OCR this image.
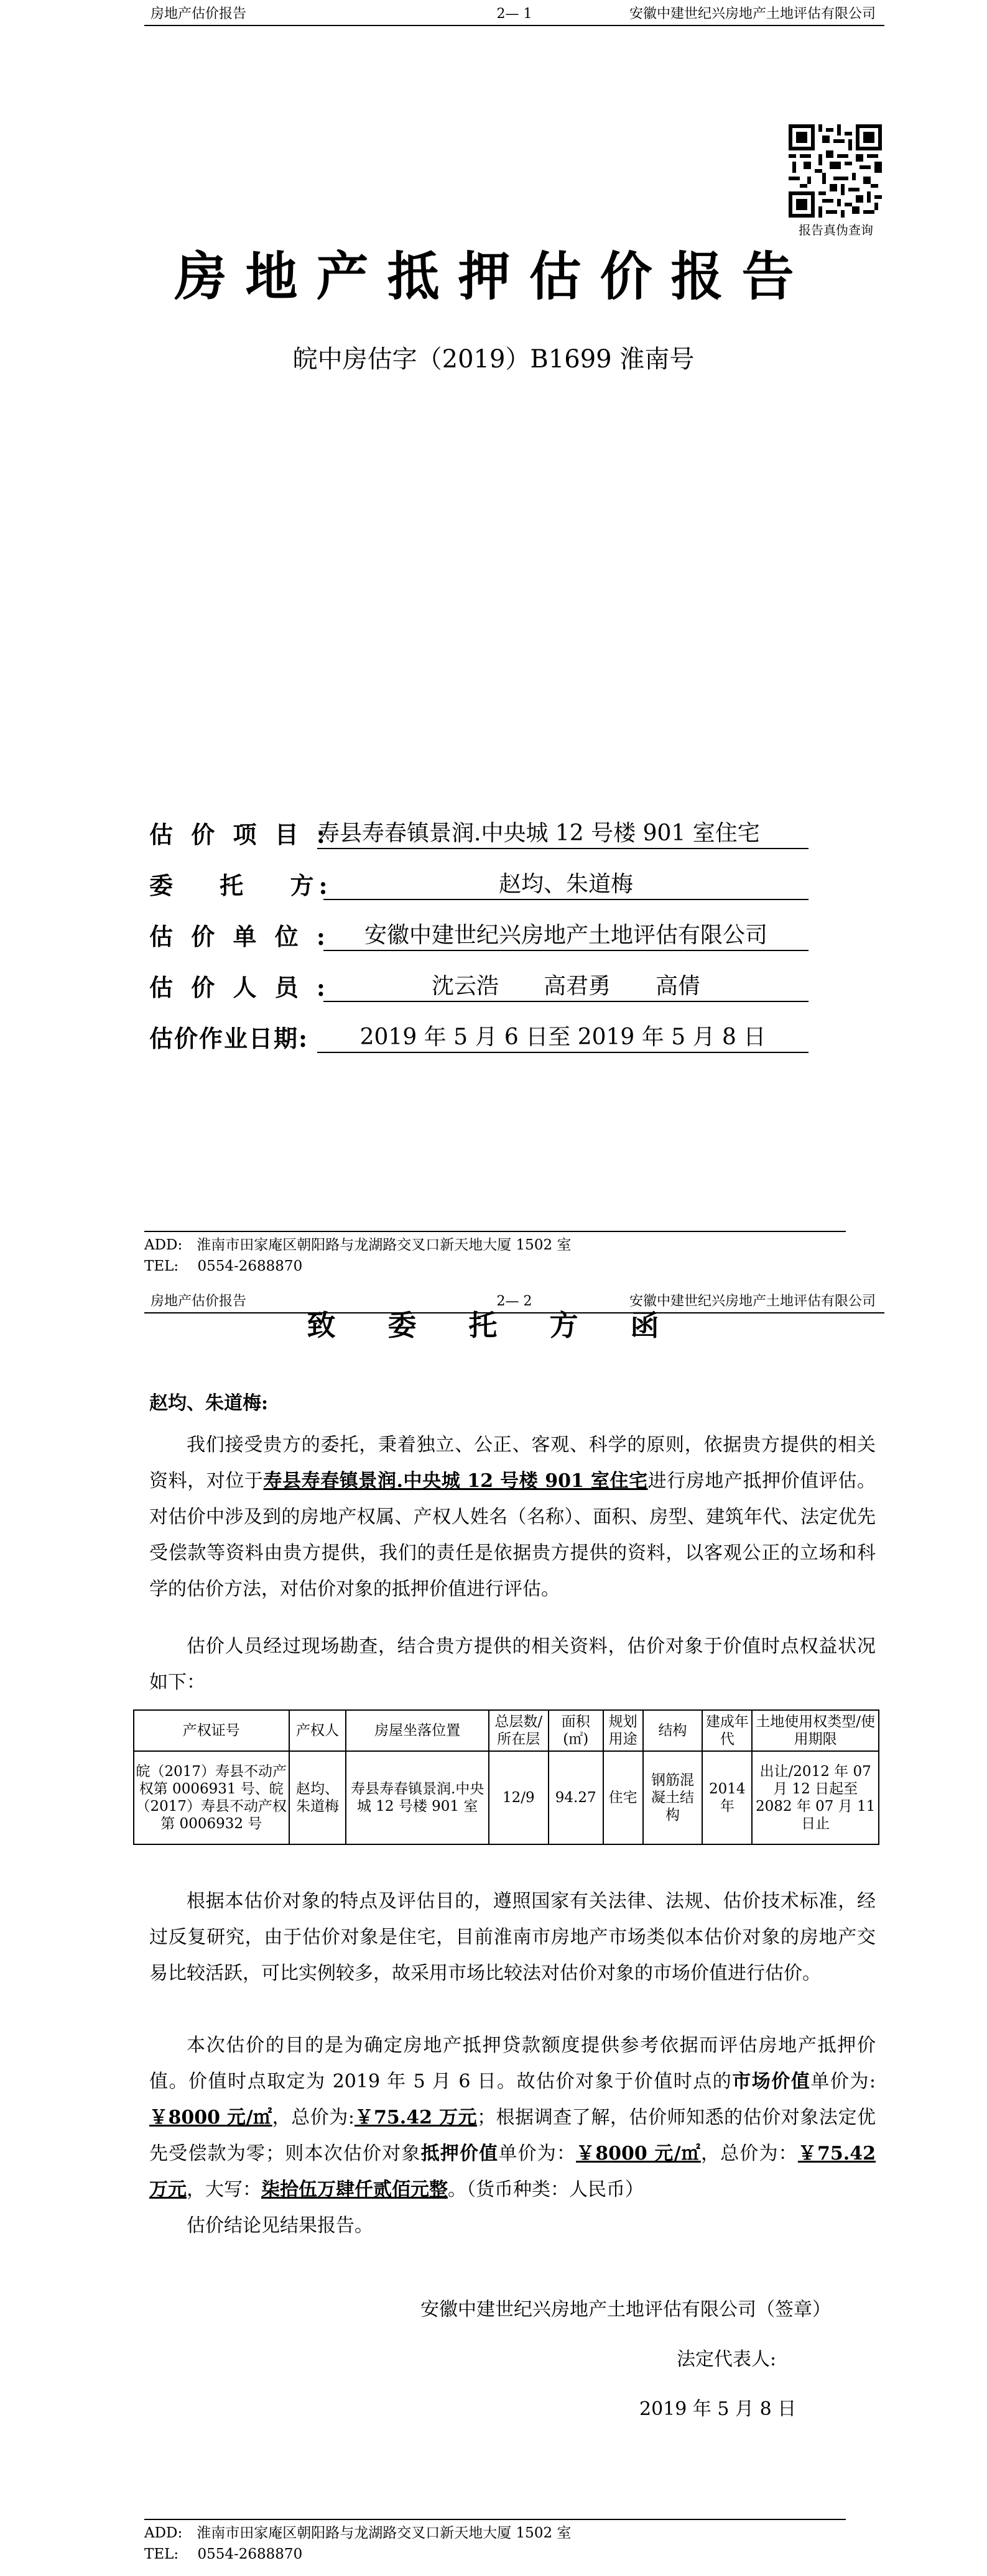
房地产估价报告	2— 1	安徽中建世纪兴房地产土地评估有限公司
报告真伪查询
房地产抵押估价报告
皖中房估字（2019）B1699 淮南号
估 价 项 目 :
寿县寿春镇景润.中央城 12 号楼 901 室住宅
委　 托　 方:	赵均、朱道梅
估 价 单 位 :	安徽中建世纪兴房地产土地评估有限公司
估 价 人 员 :	沈云浩　　高君勇　　高倩
估价作业日期:	2019 年 5 月 6 日至 2019 年 5 月 8 日
ADD:　淮南市田家庵区朝阳路与龙湖路交叉口新天地大厦 1502 室
TEL:　 0554-2688870
房地产估价报告	2— 2	安徽中建世纪兴房地产土地评估有限公司
致 委 托 方 函
赵均、朱道梅:

我们接受贵方的委托，秉着独立、公正、客观、科学的原则，依据贵方提供的相关资料，对位于寿县寿春镇景润.中央城 12 号楼 901 室住宅进行房地产抵押价值评估。对估价中涉及到的房地产权属、产权人姓名（名称）、面积、房型、建筑年代、法定优先受偿款等资料由贵方提供，我们的责任是依据贵方提供的资料，以客观公正的立场和科学的估价方法，对估价对象的抵押价值进行评估。

估价人员经过现场勘查，结合贵方提供的相关资料，估价对象于价值时点权益状况如下：

产权证号	产权人	房屋坐落位置	总层数/所在层	面积(㎡)	规划用途	结构	建成年代	土地使用权类型/使用期限
皖（2017）寿县不动产权第 0006931 号、皖（2017）寿县不动产权第 0006932 号	赵均、朱道梅	寿县寿春镇景润.中央城 12 号楼 901 室	12/9	94.27	住宅	钢筋混凝土结构	2014 年	出让/2012 年 07 月 12 日起至 2082 年 07 月 11 日止

根据本估价对象的特点及评估目的，遵照国家有关法律、法规、估价技术标准，经过反复研究，由于估价对象是住宅，目前淮南市房地产市场类似本估价对象的房地产交易比较活跃，可比实例较多，故采用市场比较法对估价对象的市场价值进行估价。

本次估价的目的是为确定房地产抵押贷款额度提供参考依据而评估房地产抵押价值。价值时点取定为 2019 年 5 月 6 日。故估价对象于价值时点的市场价值单价为:￥8000 元/㎡，总价为:￥75.42 万元；根据调查了解，估价师知悉的估价对象法定优先受偿款为零；则本次估价对象抵押价值单价为：￥8000 元/㎡，总价为：￥75.42 万元，大写：柒拾伍万肆仟贰佰元整。（货币种类：人民币）

估价结论见结果报告。

安徽中建世纪兴房地产土地评估有限公司（签章）
法定代表人:
2019 年 5 月 8 日
ADD:　淮南市田家庵区朝阳路与龙湖路交叉口新天地大厦 1502 室
TEL:　 0554-2688870
